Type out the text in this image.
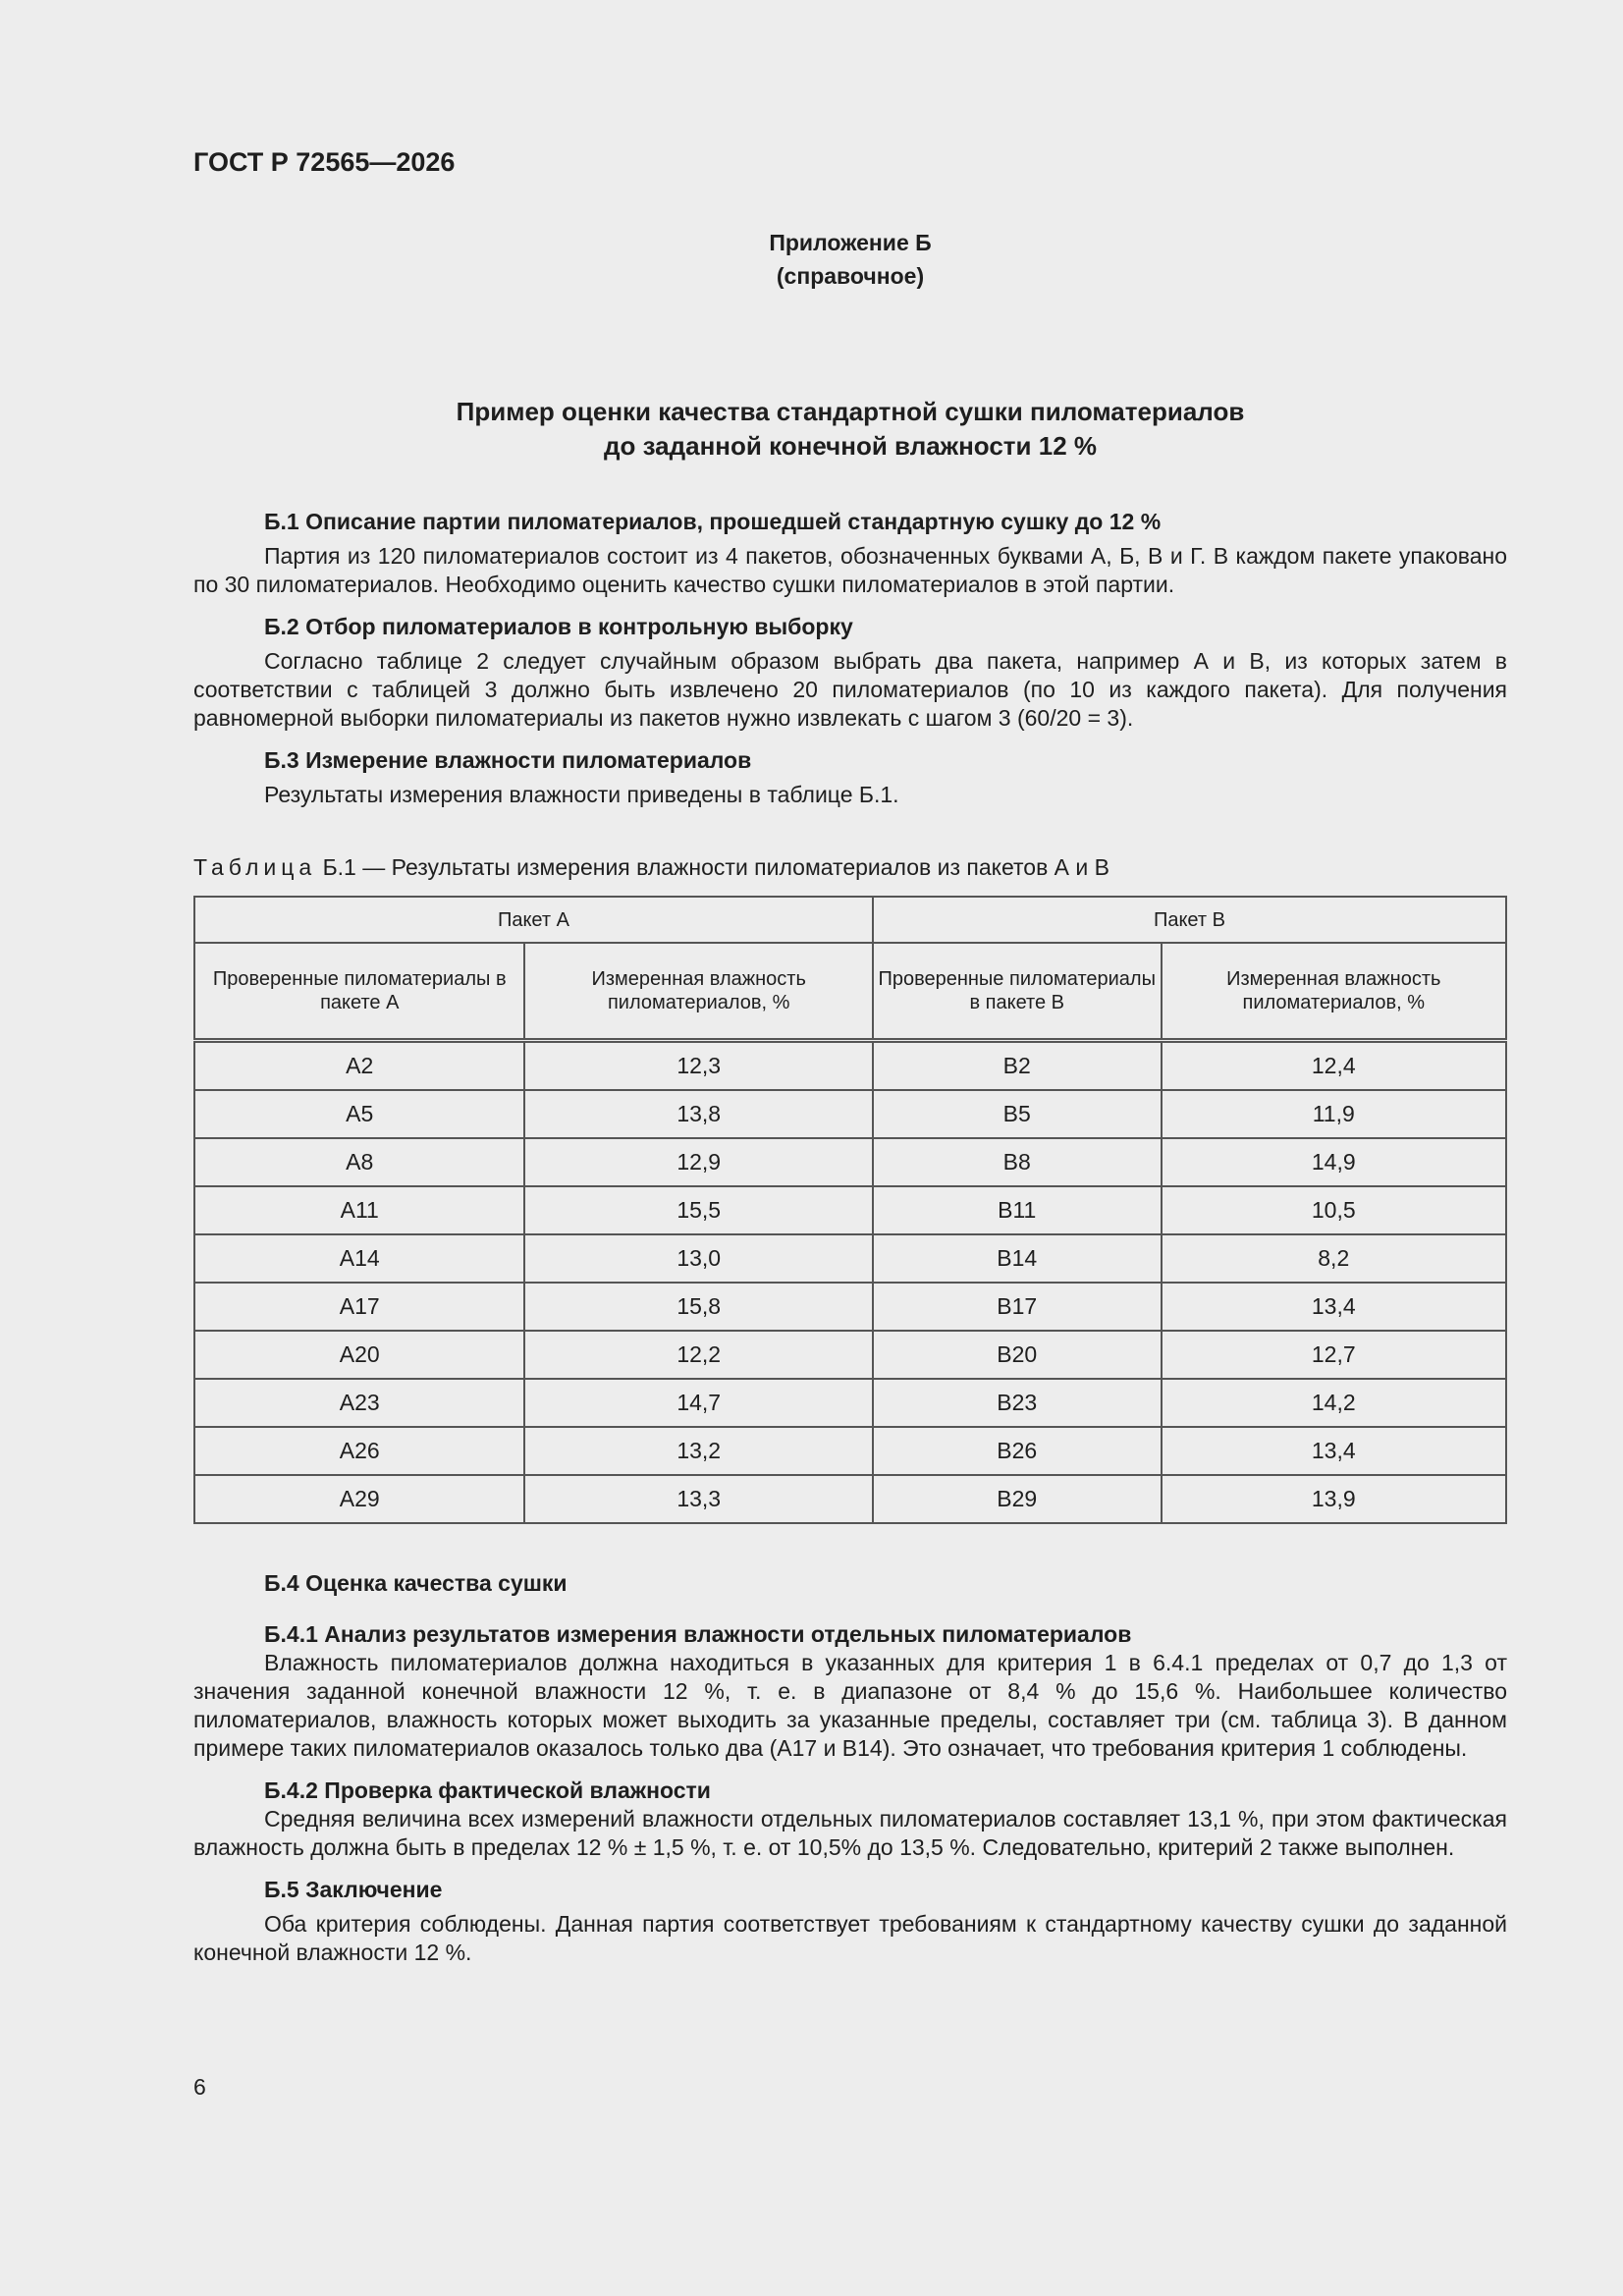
ГОСТ Р 72565—2026
Приложение Б
(справочное)
Пример оценки качества стандартной сушки пиломатериалов
до заданной конечной влажности 12 %

Б.1 Описание партии пиломатериалов, прошедшей стандартную сушку до 12 %

Партия из 120 пиломатериалов состоит из 4 пакетов, обозначенных буквами А, Б, В и Г. В каждом пакете упаковано по 30 пиломатериалов. Необходимо оценить качество сушки пиломатериалов в этой партии.

Б.2 Отбор пиломатериалов в контрольную выборку

Согласно таблице 2 следует случайным образом выбрать два пакета, например А и В, из которых затем в соответствии с таблицей 3 должно быть извлечено 20 пиломатериалов (по 10 из каждого пакета). Для получения равномерной выборки пиломатериалы из пакетов нужно извлекать с шагом 3 (60/20 = 3).

Б.3 Измерение влажности пиломатериалов

Результаты измерения влажности приведены в таблице Б.1.

Таблица Б.1 — Результаты измерения влажности пиломатериалов из пакетов А и В
Пакет А		Пакет В	
Проверенные пиломатериалы в пакете А	Измеренная влажность пиломатериалов, %	Проверенные пиломатериалы в пакете В	Измеренная влажность пиломатериалов, %
А2	12,3	В2	12,4
А5	13,8	В5	11,9
А8	12,9	В8	14,9
А11	15,5	В11	10,5
А14	13,0	В14	8,2
А17	15,8	В17	13,4
А20	12,2	В20	12,7
А23	14,7	В23	14,2
А26	13,2	В26	13,4
А29	13,3	В29	13,9

Б.4 Оценка качества сушки

Б.4.1 Анализ результатов измерения влажности отдельных пиломатериалов

Влажность пиломатериалов должна находиться в указанных для критерия 1 в 6.4.1 пределах от 0,7 до 1,3 от значения заданной конечной влажности 12 %, т. е. в диапазоне от 8,4 % до 15,6 %. Наибольшее количество пиломатериалов, влажность которых может выходить за указанные пределы, составляет три (см. таблица 3). В данном примере таких пиломатериалов оказалось только два (А17 и В14). Это означает, что требования критерия 1 соблюдены.

Б.4.2 Проверка фактической влажности

Средняя величина всех измерений влажности отдельных пиломатериалов составляет 13,1 %, при этом фактическая влажность должна быть в пределах 12 % ± 1,5 %, т. е. от 10,5% до 13,5 %. Следовательно, критерий 2 также выполнен.

Б.5 Заключение

Оба критерия соблюдены. Данная партия соответствует требованиям к стандартному качеству сушки до заданной конечной влажности 12 %.

6
